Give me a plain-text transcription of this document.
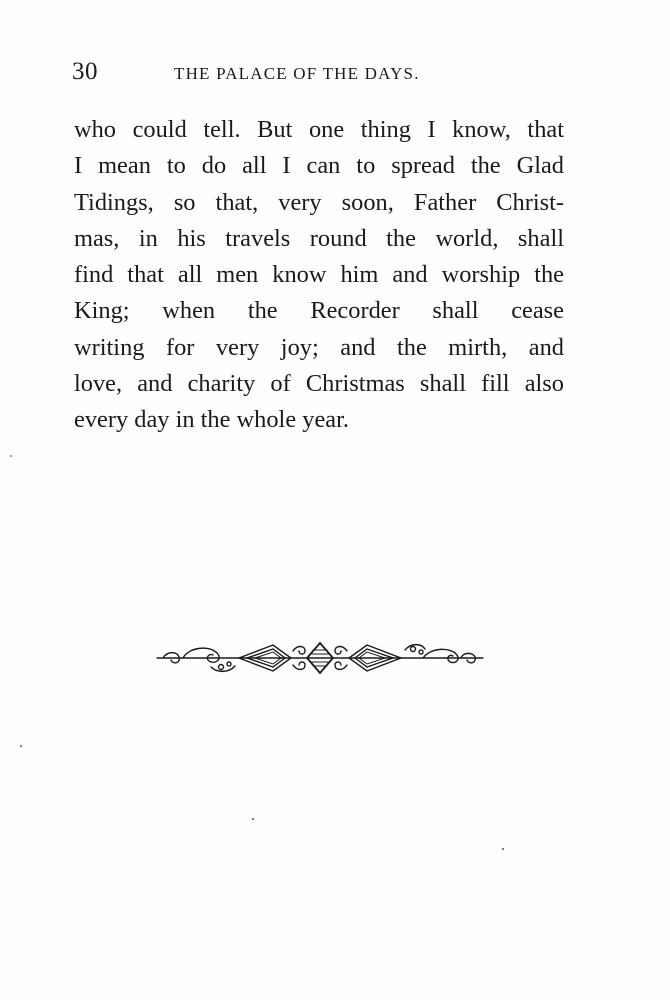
30	THE PALACE OF THE DAYS.
who could tell. But one thing I know, that
I mean to do all I can to spread the Glad
Tidings, so that, very soon, Father Christ-
mas, in his travels round the world, shall
find that all men know him and worship the
King; when the Recorder shall cease
writing for very joy; and the mirth, and
love, and charity of Christmas shall fill also
every day in the whole year.
